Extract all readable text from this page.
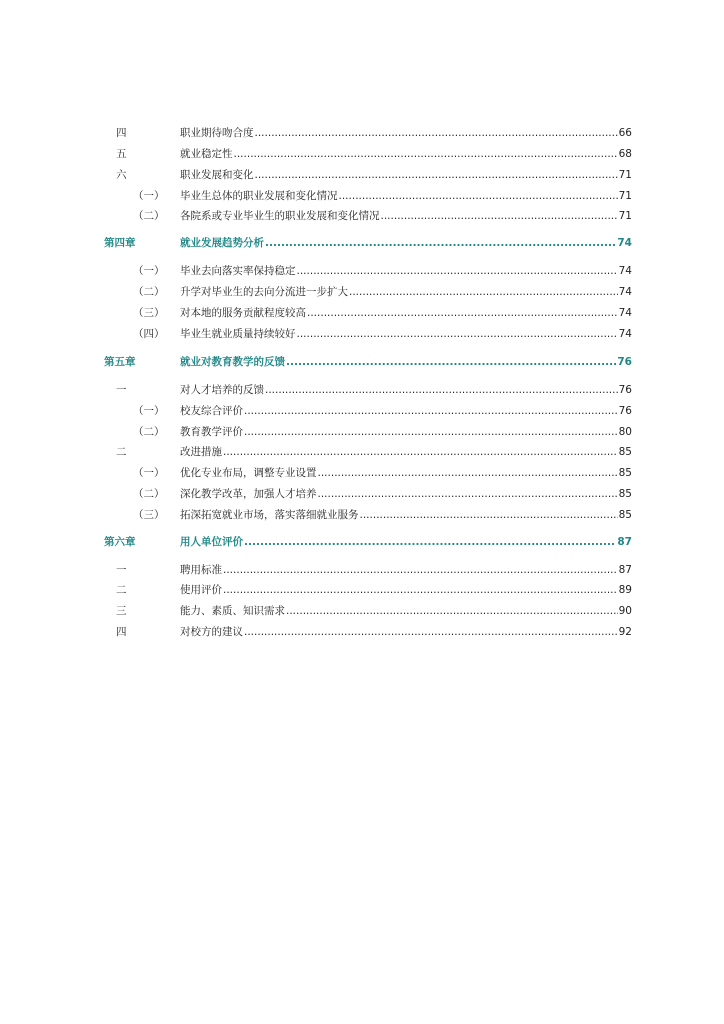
四	职业期待吻合度 .....	66
五	就业稳定性 .....	68
六	职业发展和变化 .....	71
（一） 毕业生总体的职业发展和变化情况 .....	71
（二） 各院系或专业毕业生的职业发展和变化情况 .....	71
第四章	就业发展趋势分析 .....	74
（一） 毕业去向落实率保持稳定 .....	74
（二） 升学对毕业生的去向分流进一步扩大 .....	74
（三） 对本地的服务贡献程度较高 .....	74
（四） 毕业生就业质量持续较好 .....	74
第五章	就业对教育教学的反馈 .....	76
一	对人才培养的反馈 .....	76
（一） 校友综合评价 .....	76
（二） 教育教学评价 .....	80
二	改进措施 .....	85
（一） 优化专业布局，调整专业设置 .....	85
（二） 深化教学改革，加强人才培养 .....	85
（三） 拓深拓宽就业市场，落实落细就业服务 .....	85
第六章	用人单位评价 .....	87
一	聘用标准 .....	87
二	使用评价 .....	89
三	能力、素质、知识需求 .....	90
四	对校方的建议 .....	92
